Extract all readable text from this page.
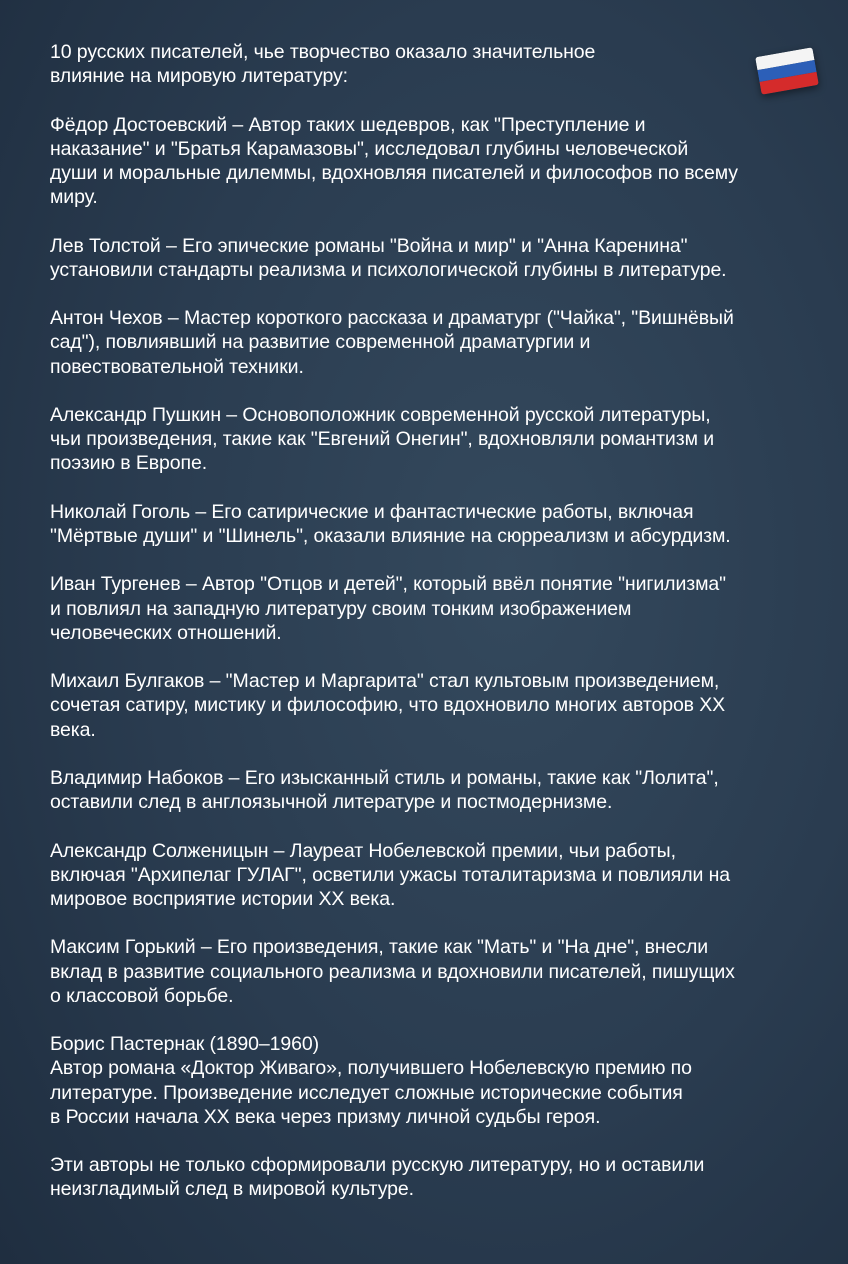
10 русских писателей, чье творчество оказало значительное
влияние на мировую литературу:

Фёдор Достоевский – Автор таких шедевров, как "Преступление и
наказание" и "Братья Карамазовы", исследовал глубины человеческой
души и моральные дилеммы, вдохновляя писателей и философов по всему
миру.

Лев Толстой – Его эпические романы "Война и мир" и "Анна Каренина"
установили стандарты реализма и психологической глубины в литературе.

Антон Чехов – Мастер короткого рассказа и драматург ("Чайка", "Вишнёвый
сад"), повлиявший на развитие современной драматургии и
повествовательной техники.

Александр Пушкин – Основоположник современной русской литературы,
чьи произведения, такие как "Евгений Онегин", вдохновляли романтизм и
поэзию в Европе.

Николай Гоголь – Его сатирические и фантастические работы, включая
"Мёртвые души" и "Шинель", оказали влияние на сюрреализм и абсурдизм.

Иван Тургенев – Автор "Отцов и детей", который ввёл понятие "нигилизма"
и повлиял на западную литературу своим тонким изображением
человеческих отношений.

Михаил Булгаков – "Мастер и Маргарита" стал культовым произведением,
сочетая сатиру, мистику и философию, что вдохновило многих авторов XX
века.

Владимир Набоков – Его изысканный стиль и романы, такие как "Лолита",
оставили след в англоязычной литературе и постмодернизме.

Александр Солженицын – Лауреат Нобелевской премии, чьи работы,
включая "Архипелаг ГУЛАГ", осветили ужасы тоталитаризма и повлияли на
мировое восприятие истории XX века.

Максим Горький – Его произведения, такие как "Мать" и "На дне", внесли
вклад в развитие социального реализма и вдохновили писателей, пишущих
о классовой борьбе.

Борис Пастернак (1890–1960)
Автор романа «Доктор Живаго», получившего Нобелевскую премию по
литературе. Произведение исследует сложные исторические события
в России начала XX века через призму личной судьбы героя.

Эти авторы не только сформировали русскую литературу, но и оставили
неизгладимый след в мировой культуре.
